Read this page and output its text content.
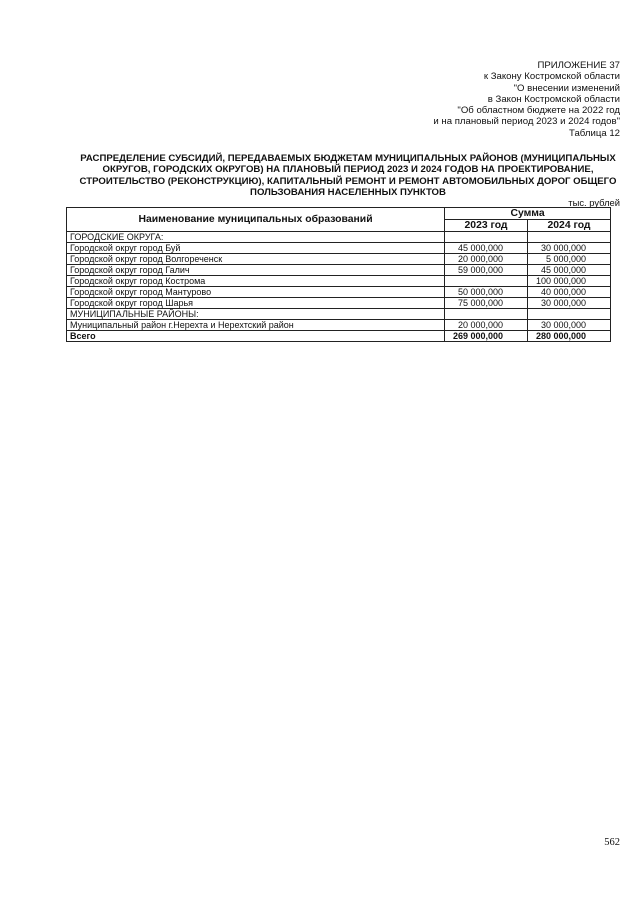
ПРИЛОЖЕНИЕ 37
к Закону Костромской области
"О внесении изменений
в Закон Костромской области
"Об областном бюджете на 2022 год
и на плановый период 2023 и 2024 годов"
Таблица 12
РАСПРЕДЕЛЕНИЕ СУБСИДИЙ, ПЕРЕДАВАЕМЫХ БЮДЖЕТАМ МУНИЦИПАЛЬНЫХ РАЙОНОВ (МУНИЦИПАЛЬНЫХ
ОКРУГОВ, ГОРОДСКИХ ОКРУГОВ) НА ПЛАНОВЫЙ ПЕРИОД 2023 И 2024 ГОДОВ НА ПРОЕКТИРОВАНИЕ,
СТРОИТЕЛЬСТВО (РЕКОНСТРУКЦИЮ), КАПИТАЛЬНЫЙ РЕМОНТ И РЕМОНТ АВТОМОБИЛЬНЫХ ДОРОГ ОБЩЕГО
ПОЛЬЗОВАНИЯ НАСЕЛЕННЫХ ПУНКТОВ
тыс. рублей
Наименование муниципальных образований	Сумма	
	2023 год	2024 год
ГОРОДСКИЕ ОКРУГА:		
Городской округ город Буй	45 000,000	30 000,000
Городской округ город Волгореченск	20 000,000	5 000,000
Городской округ город Галич	59 000,000	45 000,000
Городской округ город Кострома		100 000,000
Городской округ город Мантурово	50 000,000	40 000,000
Городской округ город Шарья	75 000,000	30 000,000
МУНИЦИПАЛЬНЫЕ РАЙОНЫ:		
Муниципальный район г.Нерехта и Нерехтский район	20 000,000	30 000,000
Всего	269 000,000	280 000,000
562
